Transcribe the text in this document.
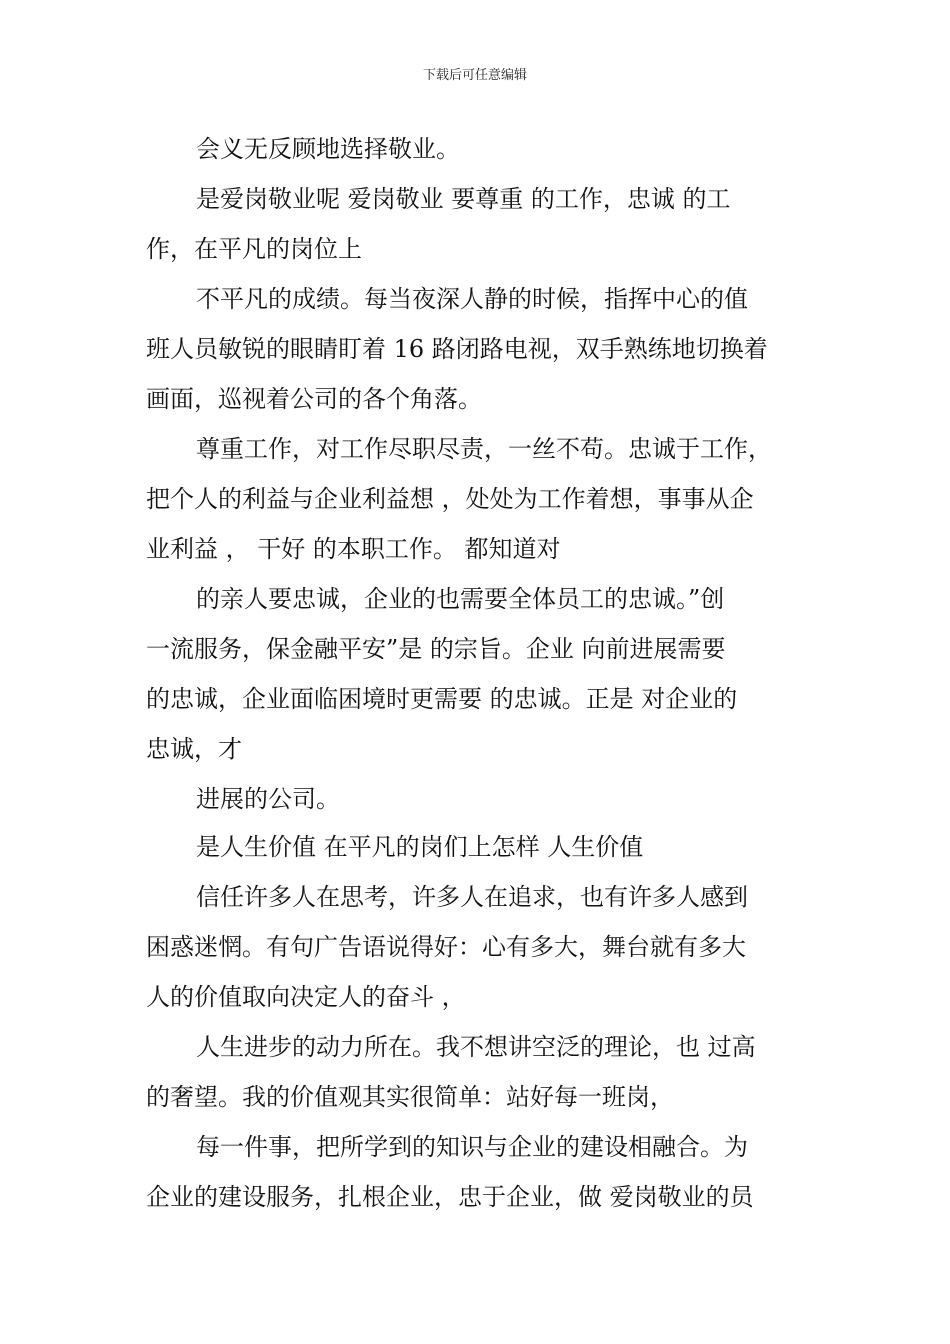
下载后可任意编辑
会义无反顾地选择敬业。
是爱岗敬业呢 爱岗敬业 要尊重 的工作，忠诚 的工
作，在平凡的岗位上
不平凡的成绩。每当夜深人静的时候，指挥中心的值
班人员敏锐的眼睛盯着 16 路闭路电视，双手熟练地切换着
画面，巡视着公司的各个角落。
尊重工作，对工作尽职尽责，一丝不苟。忠诚于工作，
把个人的利益与企业利益想 ，处处为工作着想，事事从企
业利益 ， 干好 的本职工作。 都知道对
的亲人要忠诚，企业的也需要全体员工的忠诚。”创
一流服务，保金融平安”是 的宗旨。企业 向前进展需要
的忠诚，企业面临困境时更需要 的忠诚。正是 对企业的
忠诚，才
进展的公司。
是人生价值 在平凡的岗们上怎样 人生价值
信任许多人在思考，许多人在追求，也有许多人感到
困惑迷惘。有句广告语说得好：心有多大，舞台就有多大
人的价值取向决定人的奋斗 ，
人生进步的动力所在。我不想讲空泛的理论，也 过高
的奢望。我的价值观其实很简单：站好每一班岗，
每一件事，把所学到的知识与企业的建设相融合。为
企业的建设服务，扎根企业，忠于企业，做 爱岗敬业的员
